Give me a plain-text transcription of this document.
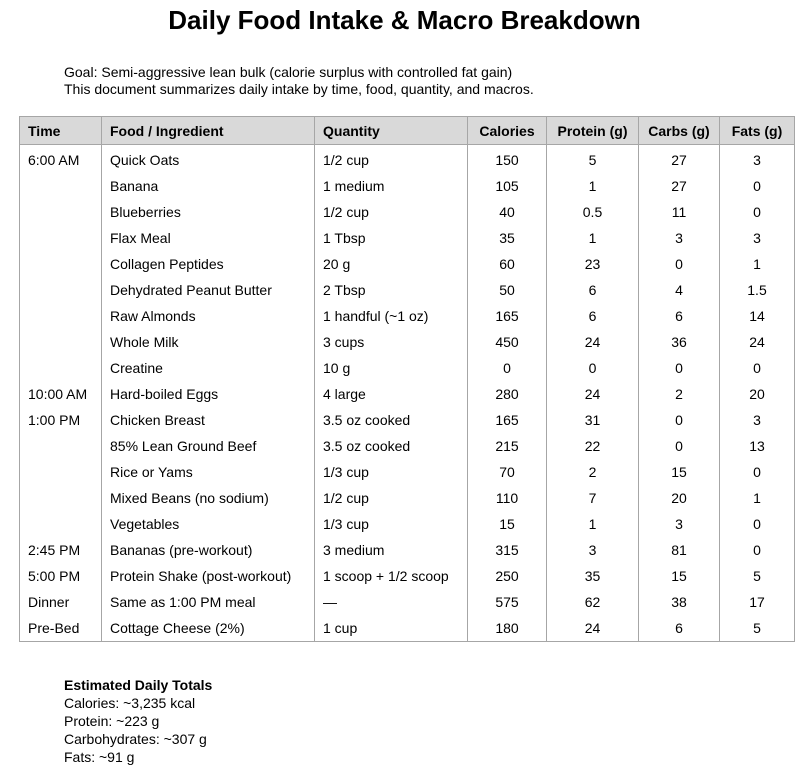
Daily Food Intake & Macro Breakdown
Goal: Semi-aggressive lean bulk (calorie surplus with controlled fat gain)
This document summarizes daily intake by time, food, quantity, and macros.
Time	Food / Ingredient	Quantity	Calories	Protein (g)	Carbs (g)	Fats (g)
6:00 AM	Quick Oats	1/2 cup	150	5	27	3
	Banana	1 medium	105	1	27	0
	Blueberries	1/2 cup	40	0.5	11	0
	Flax Meal	1 Tbsp	35	1	3	3
	Collagen Peptides	20 g	60	23	0	1
	Dehydrated Peanut Butter	2 Tbsp	50	6	4	1.5
	Raw Almonds	1 handful (~1 oz)	165	6	6	14
	Whole Milk	3 cups	450	24	36	24
	Creatine	10 g	0	0	0	0
10:00 AM	Hard-boiled Eggs	4 large	280	24	2	20
1:00 PM	Chicken Breast	3.5 oz cooked	165	31	0	3
	85% Lean Ground Beef	3.5 oz cooked	215	22	0	13
	Rice or Yams	1/3 cup	70	2	15	0
	Mixed Beans (no sodium)	1/2 cup	110	7	20	1
	Vegetables	1/3 cup	15	1	3	0
2:45 PM	Bananas (pre-workout)	3 medium	315	3	81	0
5:00 PM	Protein Shake (post-workout)	1 scoop + 1/2 scoop	250	35	15	5
Dinner	Same as 1:00 PM meal	—	575	62	38	17
Pre-Bed	Cottage Cheese (2%)	1 cup	180	24	6	5
Estimated Daily Totals
Calories: ~3,235 kcal
Protein: ~223 g
Carbohydrates: ~307 g
Fats: ~91 g
